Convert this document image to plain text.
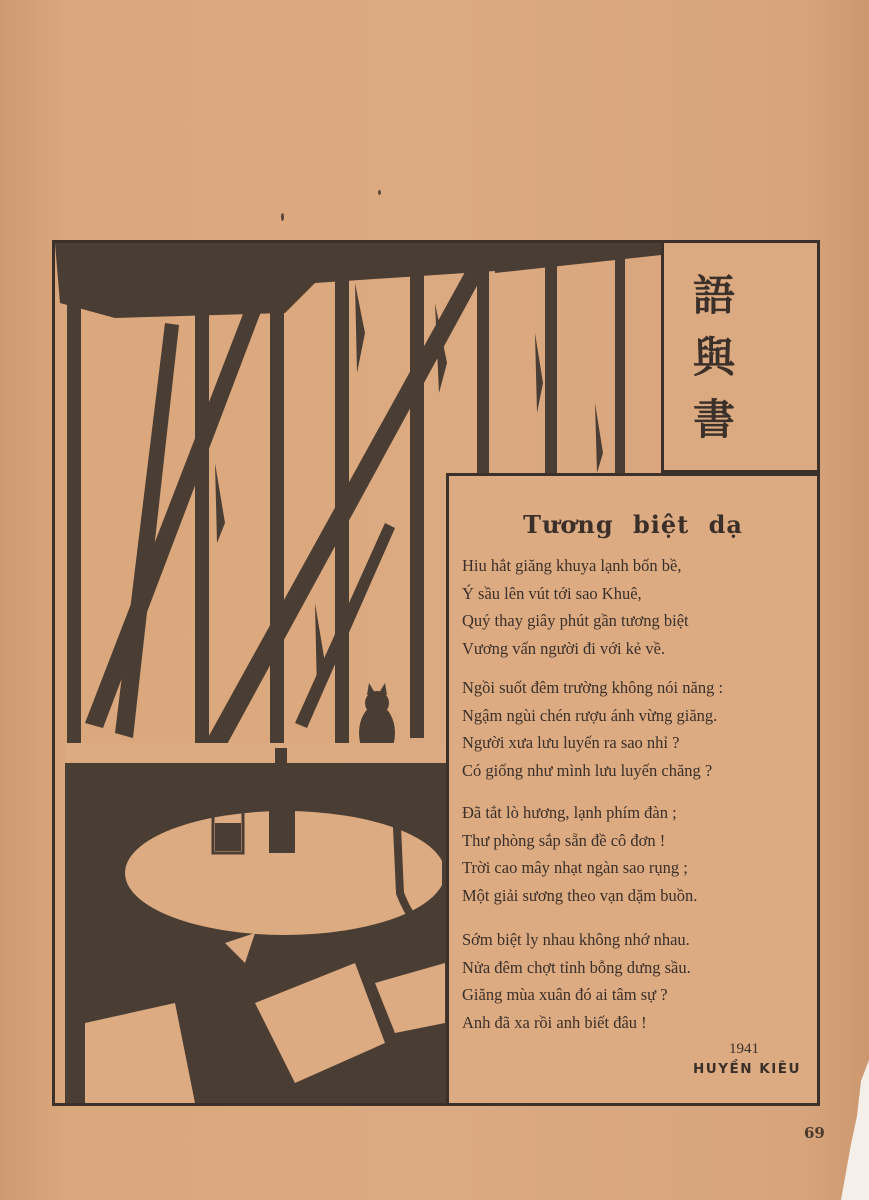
語
與
書
Tương biệt dạ
Hiu hắt giăng khuya lạnh bốn bề,
Ý sầu lên vút tới sao Khuê,
Quý thay giây phút gần tương biệt
Vương vấn người đi với kẻ về.
Ngồi suốt đêm trường không nói năng :
Ngậm ngùi chén rượu ánh vừng giăng.
Người xưa lưu luyến ra sao nhỉ ?
Có giống như mình lưu luyến chăng ?
Đã tắt lò hương, lạnh phím đàn ;
Thư phòng sắp sẵn đề cô đơn !
Trời cao mây nhạt ngàn sao rụng ;
Một giải sương theo vạn dặm buồn.
Sớm biệt ly nhau không nhớ nhau.
Nửa đêm chợt tỉnh bỗng dưng sầu.
Giăng mùa xuân đó ai tâm sự ?
Anh đã xa rồi anh biết đâu !
1941
HUYỀN KIÊU
69
